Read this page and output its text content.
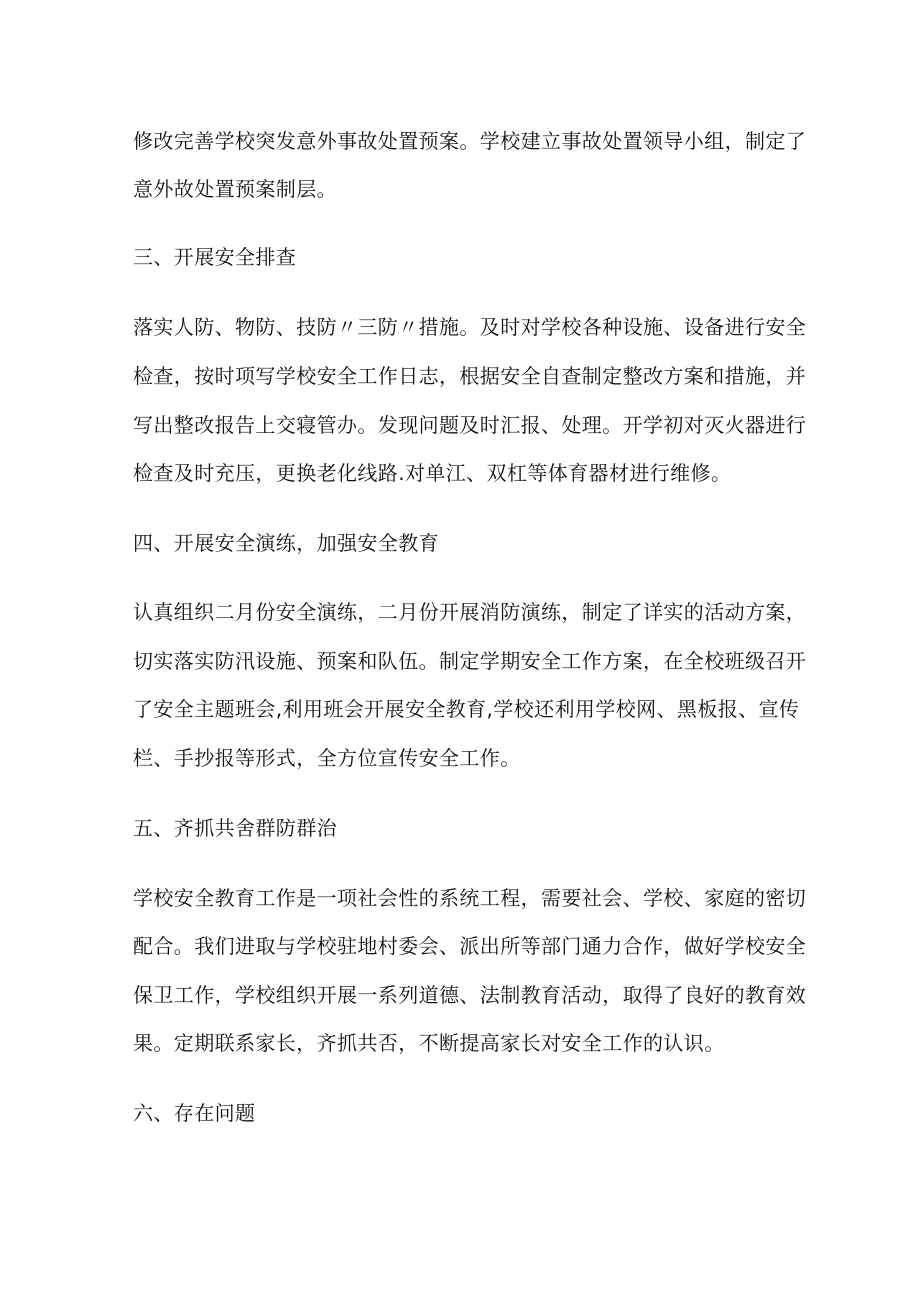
修改完善学校突发意外事故处置预案。学校建立事故处置领导小组，制定了
意外故处置预案制层。
三、开展安全排查
落实人防、物防、技防〃三防〃措施。及时对学校各种设施、设备进行安全
检查，按时项写学校安全工作日志，根据安全自查制定整改方案和措施，并
写出整改报告上交寝管办。发现问题及时汇报、处理。开学初对灭火器进行
检查及时充压，更换老化线路.对单江、双杠等体育器材进行维修。
四、开展安全演练，加强安全教育
认真组织二月份安全演练，二月份开展消防演练，制定了详实的活动方案，
切实落实防汛设施、预案和队伍。制定学期安全工作方案，在全校班级召开
了安全主题班会,利用班会开展安全教育,学校还利用学校网、黑板报、宣传
栏、手抄报等形式，全方位宣传安全工作。
五、齐抓共舍群防群治
学校安全教育工作是一项社会性的系统工程，需要社会、学校、家庭的密切
配合。我们进取与学校驻地村委会、派出所等部门通力合作，做好学校安全
保卫工作，学校组织开展一系列道德、法制教育活动，取得了良好的教育效
果。定期联系家长，齐抓共否，不断提高家长对安全工作的认识。
六、存在问题
